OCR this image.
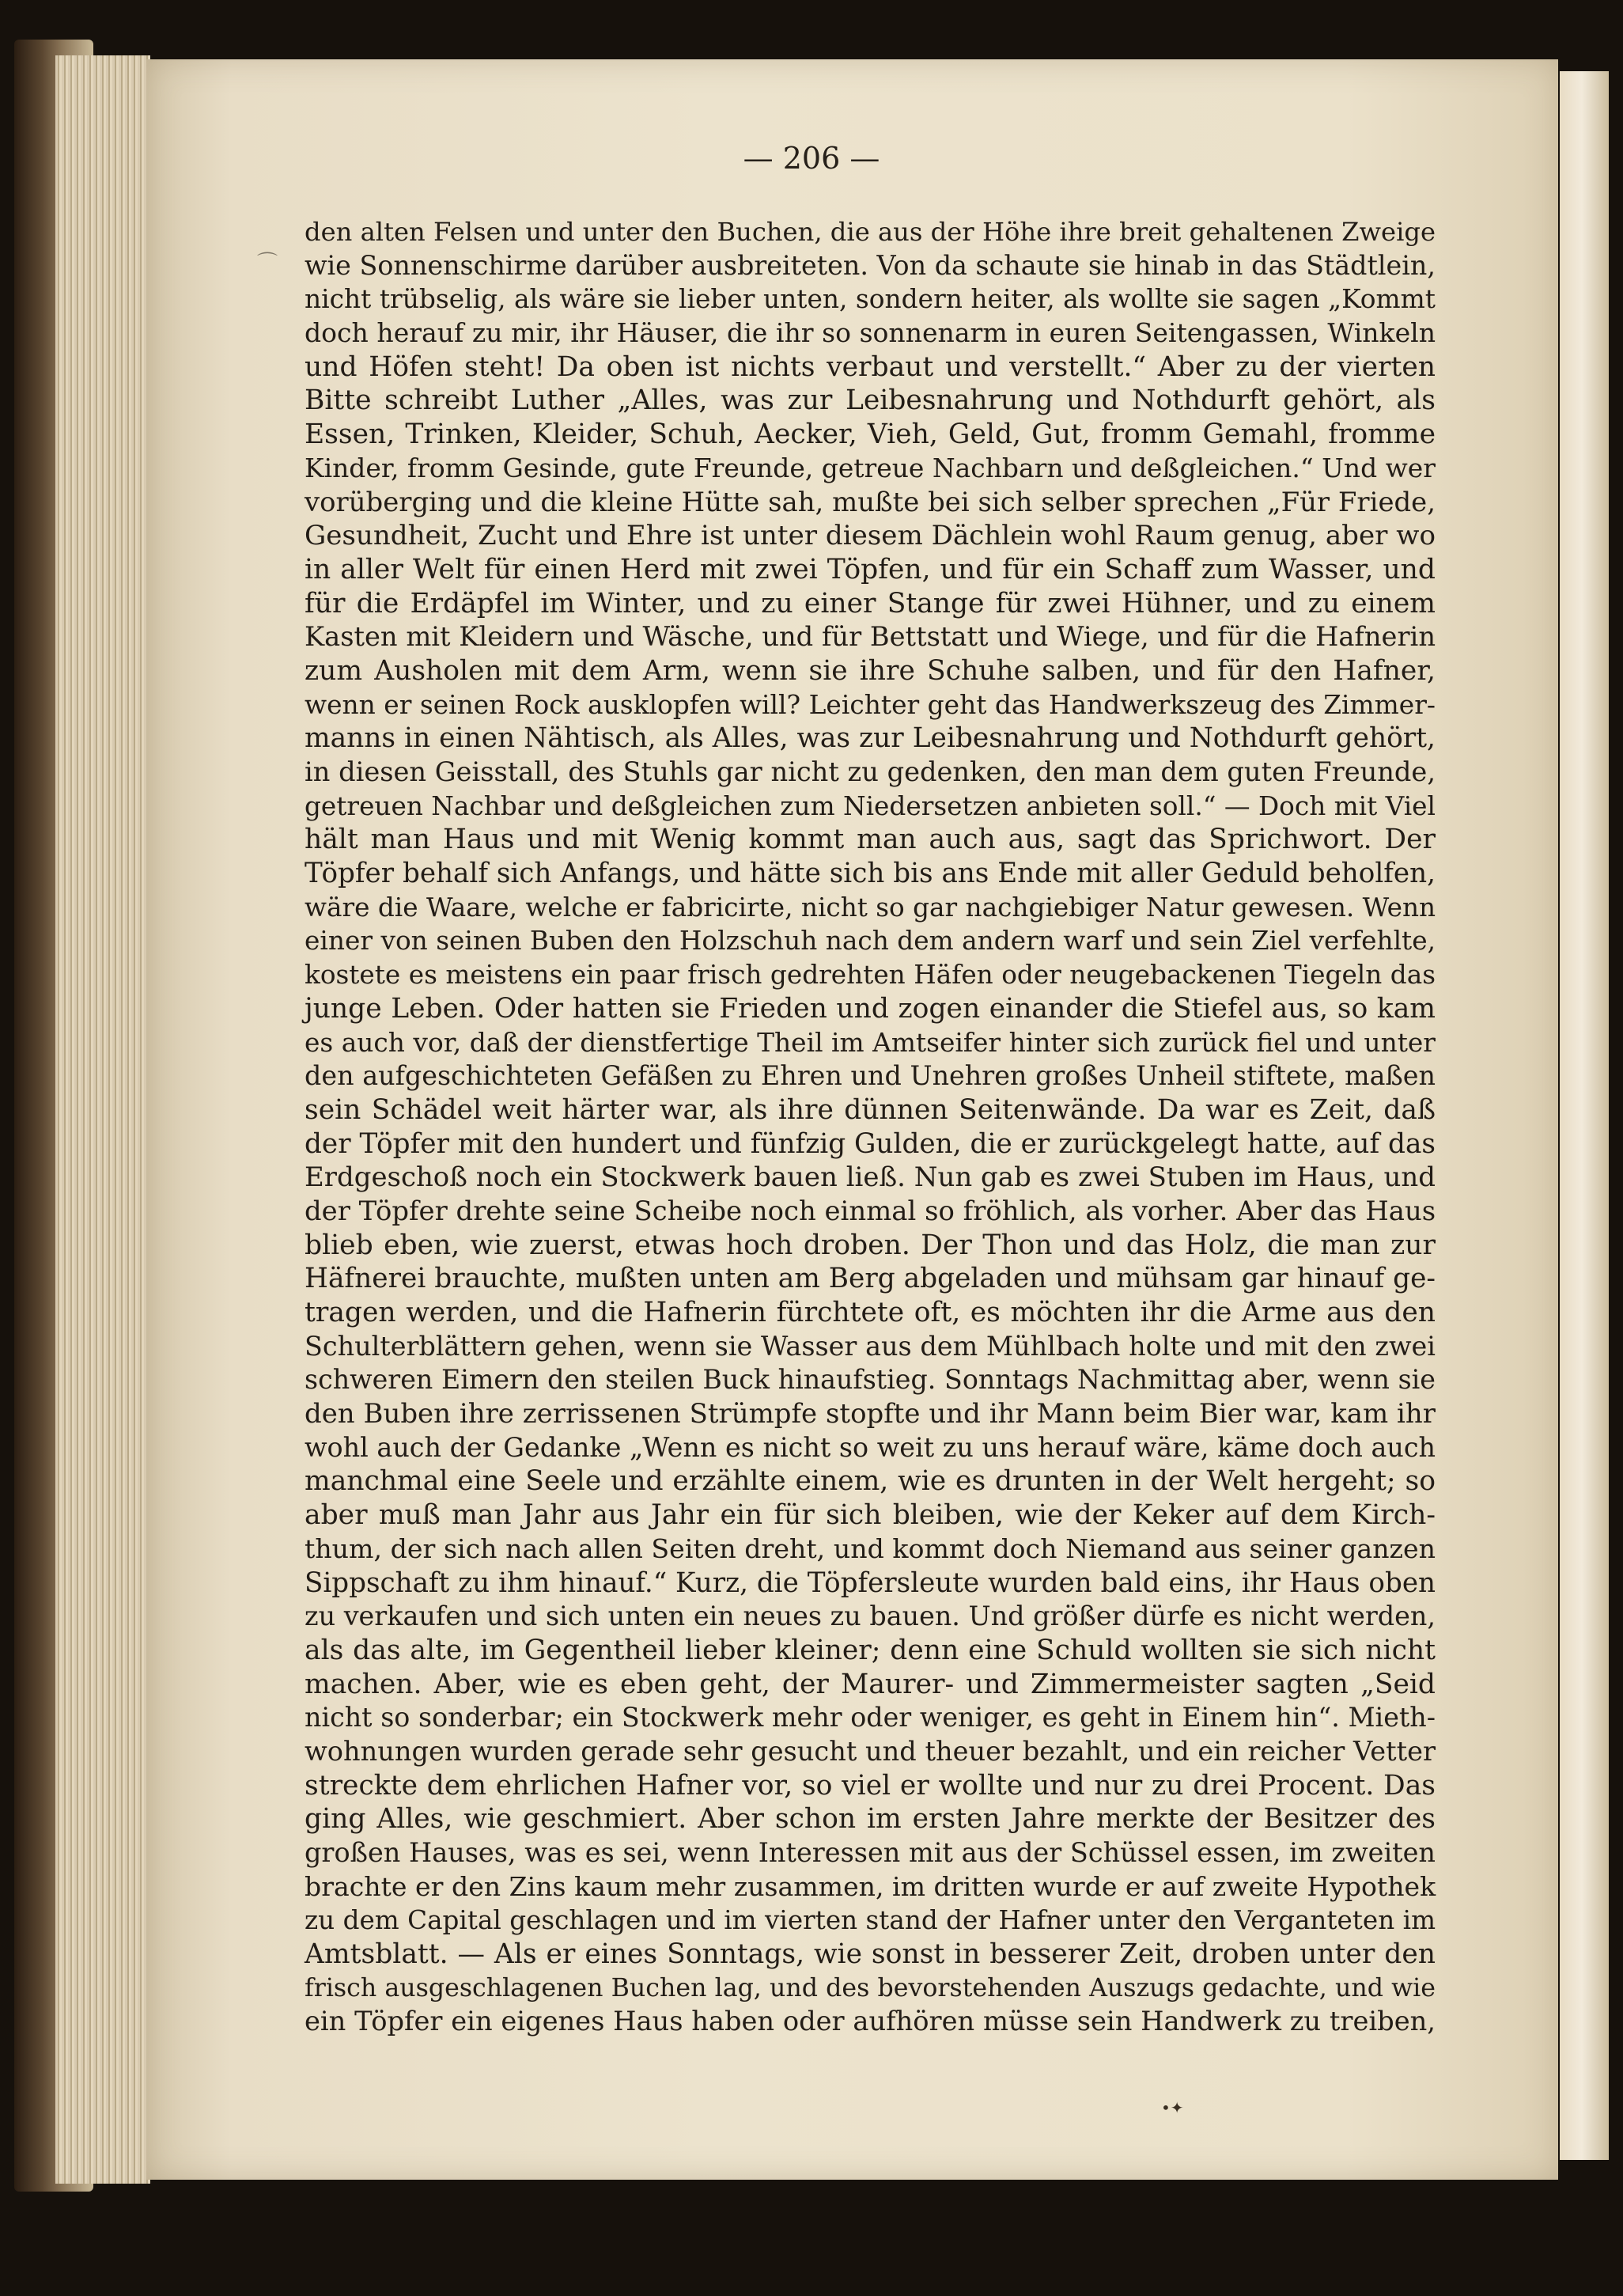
— 206 —
⌒
den alten Felsen und unter den Buchen, die aus der Höhe ihre breit gehaltenen Zweige
wie Sonnenschirme darüber ausbreiteten. Von da schaute sie hinab in das Städtlein,
nicht trübselig, als wäre sie lieber unten, sondern heiter, als wollte sie sagen „Kommt
doch herauf zu mir, ihr Häuser, die ihr so sonnenarm in euren Seitengassen, Winkeln
und Höfen steht! Da oben ist nichts verbaut und verstellt.“ Aber zu der vierten
Bitte schreibt Luther „Alles, was zur Leibesnahrung und Nothdurft gehört, als
Essen, Trinken, Kleider, Schuh, Aecker, Vieh, Geld, Gut, fromm Gemahl, fromme
Kinder, fromm Gesinde, gute Freunde, getreue Nachbarn und deßgleichen.“ Und wer
vorüberging und die kleine Hütte sah, mußte bei sich selber sprechen „Für Friede,
Gesundheit, Zucht und Ehre ist unter diesem Dächlein wohl Raum genug, aber wo
in aller Welt für einen Herd mit zwei Töpfen, und für ein Schaff zum Wasser, und
für die Erdäpfel im Winter, und zu einer Stange für zwei Hühner, und zu einem
Kasten mit Kleidern und Wäsche, und für Bettstatt und Wiege, und für die Hafnerin
zum Ausholen mit dem Arm, wenn sie ihre Schuhe salben, und für den Hafner,
wenn er seinen Rock ausklopfen will? Leichter geht das Handwerkszeug des Zimmer-
manns in einen Nähtisch, als Alles, was zur Leibesnahrung und Nothdurft gehört,
in diesen Geisstall, des Stuhls gar nicht zu gedenken, den man dem guten Freunde,
getreuen Nachbar und deßgleichen zum Niedersetzen anbieten soll.“ — Doch mit Viel
hält man Haus und mit Wenig kommt man auch aus, sagt das Sprichwort. Der
Töpfer behalf sich Anfangs, und hätte sich bis ans Ende mit aller Geduld beholfen,
wäre die Waare, welche er fabricirte, nicht so gar nachgiebiger Natur gewesen. Wenn
einer von seinen Buben den Holzschuh nach dem andern warf und sein Ziel verfehlte,
kostete es meistens ein paar frisch gedrehten Häfen oder neugebackenen Tiegeln das
junge Leben. Oder hatten sie Frieden und zogen einander die Stiefel aus, so kam
es auch vor, daß der dienstfertige Theil im Amtseifer hinter sich zurück fiel und unter
den aufgeschichteten Gefäßen zu Ehren und Unehren großes Unheil stiftete, maßen
sein Schädel weit härter war, als ihre dünnen Seitenwände. Da war es Zeit, daß
der Töpfer mit den hundert und fünfzig Gulden, die er zurückgelegt hatte, auf das
Erdgeschoß noch ein Stockwerk bauen ließ. Nun gab es zwei Stuben im Haus, und
der Töpfer drehte seine Scheibe noch einmal so fröhlich, als vorher. Aber das Haus
blieb eben, wie zuerst, etwas hoch droben. Der Thon und das Holz, die man zur
Häfnerei brauchte, mußten unten am Berg abgeladen und mühsam gar hinauf ge-
tragen werden, und die Hafnerin fürchtete oft, es möchten ihr die Arme aus den
Schulterblättern gehen, wenn sie Wasser aus dem Mühlbach holte und mit den zwei
schweren Eimern den steilen Buck hinaufstieg. Sonntags Nachmittag aber, wenn sie
den Buben ihre zerrissenen Strümpfe stopfte und ihr Mann beim Bier war, kam ihr
wohl auch der Gedanke „Wenn es nicht so weit zu uns herauf wäre, käme doch auch
manchmal eine Seele und erzählte einem, wie es drunten in der Welt hergeht; so
aber muß man Jahr aus Jahr ein für sich bleiben, wie der Keker auf dem Kirch-
thum, der sich nach allen Seiten dreht, und kommt doch Niemand aus seiner ganzen
Sippschaft zu ihm hinauf.“ Kurz, die Töpfersleute wurden bald eins, ihr Haus oben
zu verkaufen und sich unten ein neues zu bauen. Und größer dürfe es nicht werden,
als das alte, im Gegentheil lieber kleiner; denn eine Schuld wollten sie sich nicht
machen. Aber, wie es eben geht, der Maurer- und Zimmermeister sagten „Seid
nicht so sonderbar; ein Stockwerk mehr oder weniger, es geht in Einem hin“. Mieth-
wohnungen wurden gerade sehr gesucht und theuer bezahlt, und ein reicher Vetter
streckte dem ehrlichen Hafner vor, so viel er wollte und nur zu drei Procent. Das
ging Alles, wie geschmiert. Aber schon im ersten Jahre merkte der Besitzer des
großen Hauses, was es sei, wenn Interessen mit aus der Schüssel essen, im zweiten
brachte er den Zins kaum mehr zusammen, im dritten wurde er auf zweite Hypothek
zu dem Capital geschlagen und im vierten stand der Hafner unter den Verganteten im
Amtsblatt. — Als er eines Sonntags, wie sonst in besserer Zeit, droben unter den
frisch ausgeschlagenen Buchen lag, und des bevorstehenden Auszugs gedachte, und wie
ein Töpfer ein eigenes Haus haben oder aufhören müsse sein Handwerk zu treiben,
•✦
